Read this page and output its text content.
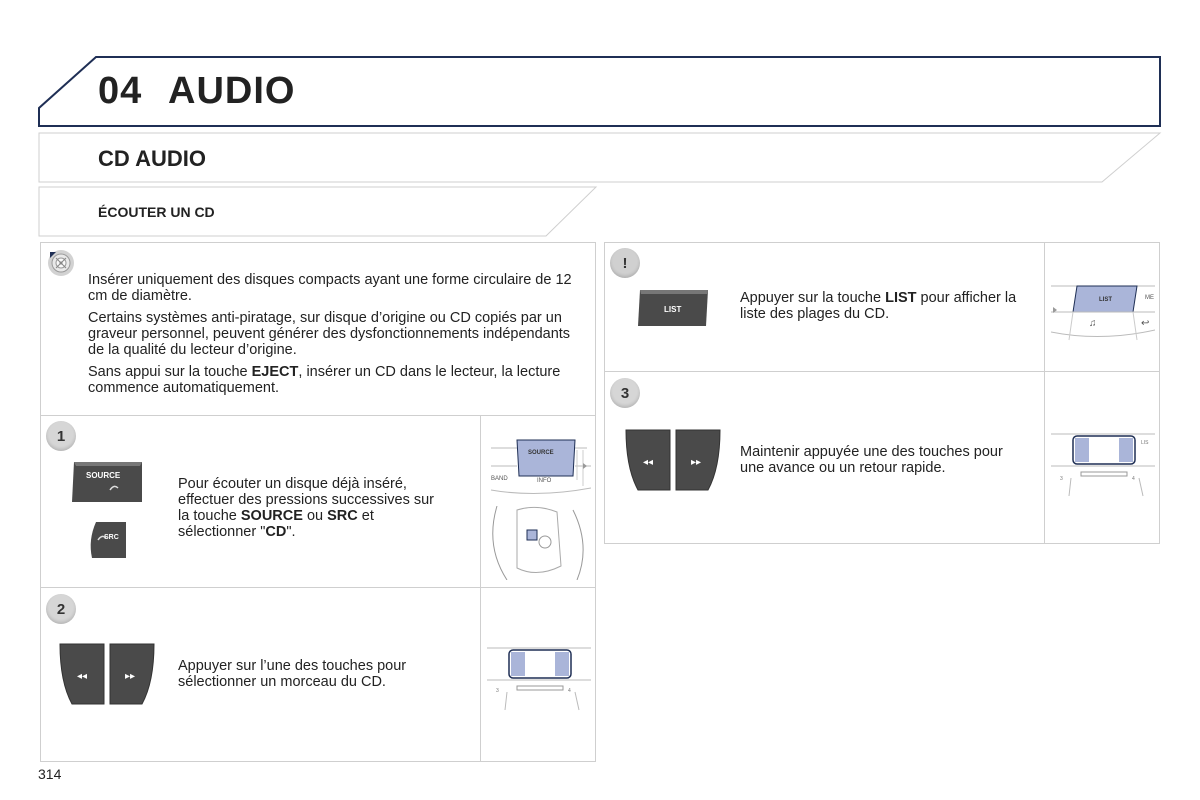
04 AUDIO
CD AUDIO
ÉCOUTER UN CD

Insérer uniquement des disques compacts ayant une forme circulaire de 12 cm de diamètre.

Certains systèmes anti-piratage, sur disque d’origine ou CD copiés par un graveur personnel, peuvent générer des dysfonctionnements indépendants de la qualité du lecteur d’origine.

Sans appui sur la touche EJECT, insérer un CD dans le lecteur, la lecture commence automatiquement.

1
SOURCE
SRC
Pour écouter un disque déjà inséré, effectuer des pressions successives sur la touche SOURCE ou SRC et sélectionner "CD".
SOURCE
BAND	INFO
2
◂◂	▸▸
Appuyer sur l’une des touches pour sélectionner un morceau du CD.
3	4
!
LIST
Appuyer sur la touche LIST pour afficher la liste des plages du CD.
LIST	ME
♫	↩
3
◂◂	▸▸
Maintenir appuyée une des touches pour une avance ou un retour rapide.
3	4
LIS
314
